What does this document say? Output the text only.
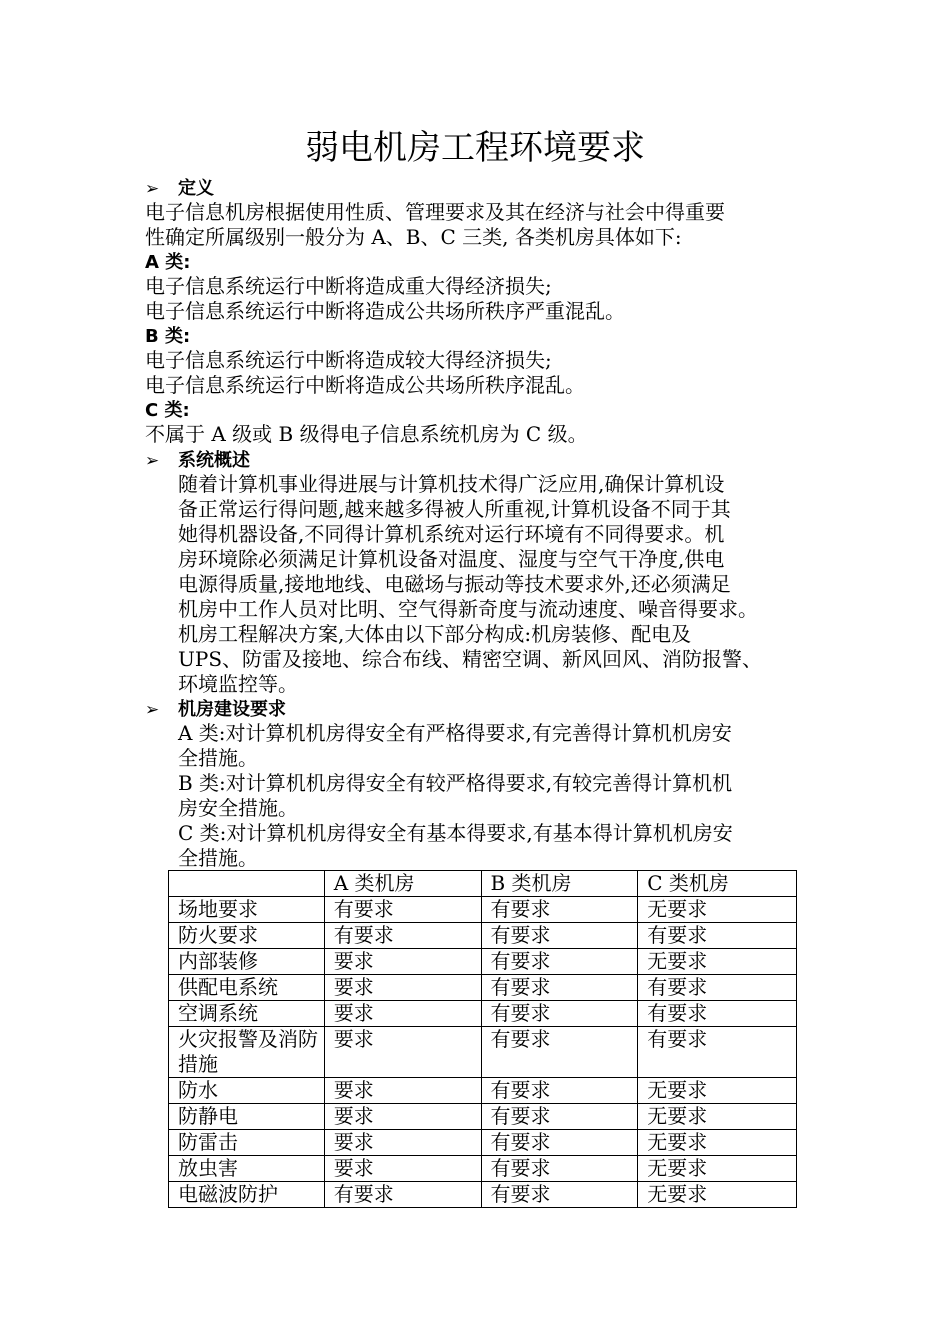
弱电机房工程环境要求
➢ 定义
电子信息机房根据使用性质、管理要求及其在经济与社会中得重要
性确定所属级别一般分为 A、B、C 三类, 各类机房具体如下:
A 类:
电子信息系统运行中断将造成重大得经济损失;
电子信息系统运行中断将造成公共场所秩序严重混乱。
B 类:
电子信息系统运行中断将造成较大得经济损失;
电子信息系统运行中断将造成公共场所秩序混乱。
C 类:
不属于 A 级或 B 级得电子信息系统机房为 C 级。
➢ 系统概述
随着计算机事业得进展与计算机技术得广泛应用,确保计算机设
备正常运行得问题,越来越多得被人所重视,计算机设备不同于其
她得机器设备,不同得计算机系统对运行环境有不同得要求。机
房环境除必须满足计算机设备对温度、湿度与空气干净度,供电
电源得质量,接地地线、电磁场与振动等技术要求外,还必须满足
机房中工作人员对比明、空气得新奇度与流动速度、噪音得要求。
机房工程解决方案,大体由以下部分构成:机房装修、配电及
UPS、防雷及接地、综合布线、精密空调、新风回风、消防报警、
环境监控等。
➢ 机房建设要求
A 类:对计算机机房得安全有严格得要求,有完善得计算机机房安
全措施。
B 类:对计算机机房得安全有较严格得要求,有较完善得计算机机
房安全措施。
C 类:对计算机机房得安全有基本得要求,有基本得计算机机房安
全措施。
	A 类机房	B 类机房	C 类机房
场地要求	有要求	有要求	无要求
防火要求	有要求	有要求	有要求
内部装修	要求	有要求	无要求
供配电系统	要求	有要求	有要求
空调系统	要求	有要求	有要求
火灾报警及消防措施	要求	有要求	有要求
防水	要求	有要求	无要求
防静电	要求	有要求	无要求
防雷击	要求	有要求	无要求
放虫害	要求	有要求	无要求
电磁波防护	有要求	有要求	无要求
